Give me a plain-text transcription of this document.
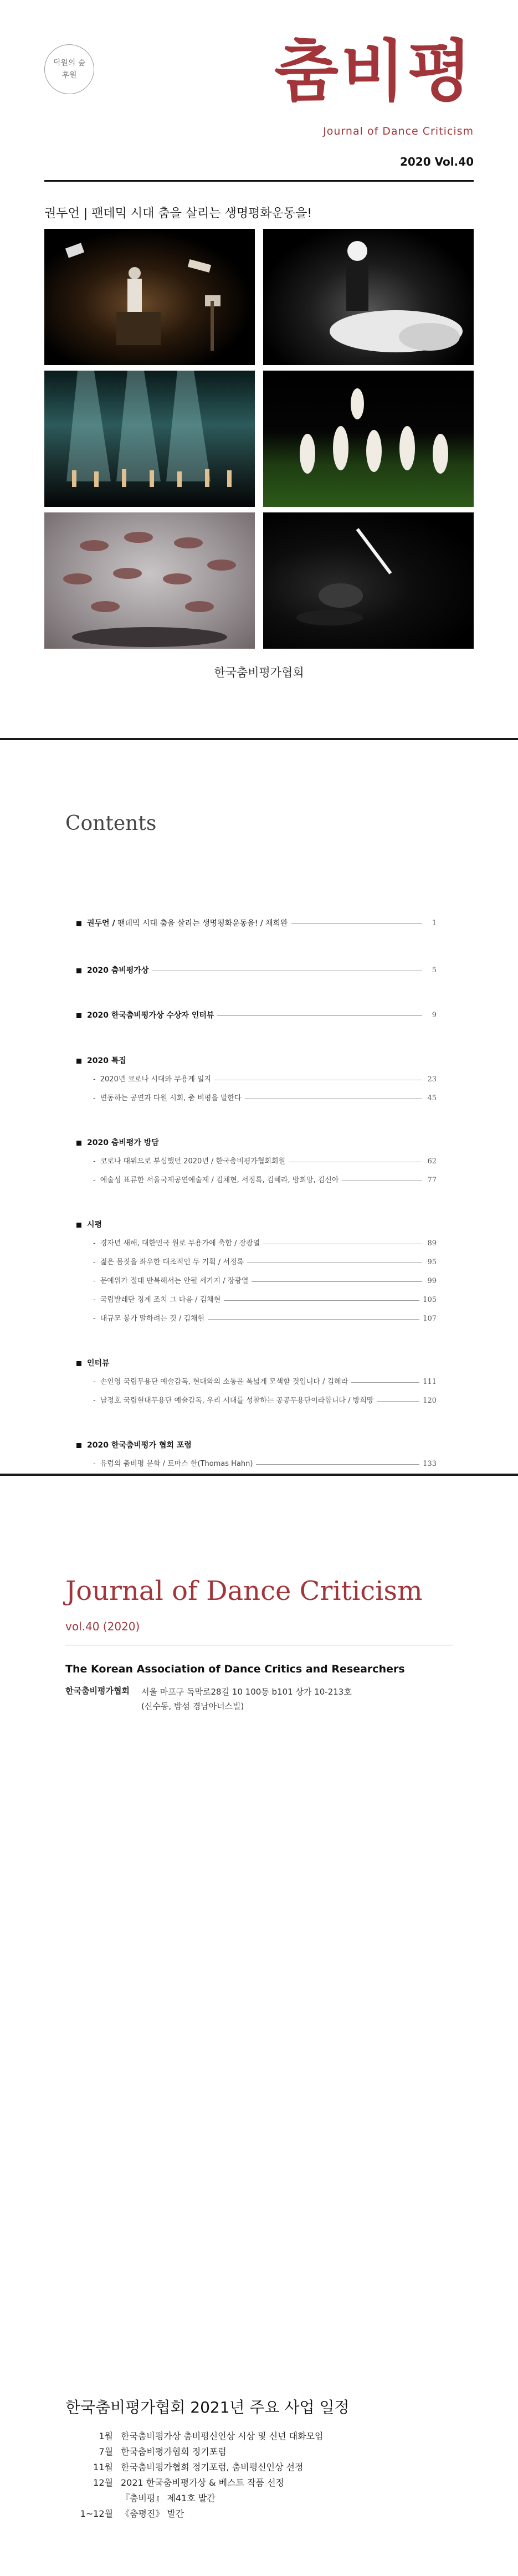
덕원의 숲
후원	춤비평
Journal of Dance Criticism
2020 Vol.40
권두언 | 팬데믹 시대 춤을 살리는 생명평화운동을!
한국춤비평가협회
Contents
권두언 / 팬데믹 시대 춤을 살리는 생명평화운동을! / 채희완	1
2020 춤비평가상	5
2020 한국춤비평가상 수상자 인터뷰	9
2020 특집
- 2020년 코로나 시대와 무용계 일지	23
- 변동하는 공연과 다원 시회, 춤 비평을 말한다	45
2020 춤비평가 방담
- 코로나 대위으로 부심했던 2020년 / 한국춤비평가협회회원	62
- 예술성 표류한 서울국제공연예술제 / 김채현, 서정록, 김혜라, 방희망, 김신아	77
시평
- 경자년 새해, 대한민국 원로 무용가에 축함 / 장광열	89
- 젊은 몸짓을 좌우한 대조적인 두 기획 / 서정록	95
- 문예위가 절대 반복해서는 안될 세가지 / 장광열	99
- 국립발레단 징계 조치 그 다음 / 김채현	105
- 대규모 봉가 말하려는 것 / 김채현	107
인터뷰
- 손인영 국립무용단 예술감독, 현대와의 소통을 폭넓게 모색할 것입니다 / 김혜라	111
- 남정호 국립현대무용단 예술감독, 우리 시대를 성찰하는 공공무용단이라합니다 / 방희망	120
2020 한국춤비평가 협회 포럼
- 유럽의 춤비평 문화 / 토마스 한(Thomas Hahn)	133
Journal of Dance Criticism
vol.40 (2020)
The Korean Association of Dance Critics and Researchers
한국춤비평가협회 서울 마포구 독막로28길 10 100동 b101 상가 10-213호
(신수동, 밤섬 경남아너스빌)
한국춤비평가협회 2021년 주요 사업 일정
1월 한국춤비평가상 춤비평신인상 시상 및 신년 대화모임
7월 한국춤비평가협회 정기포럼
11월 한국춤비평가협회 정기포럼, 춤비평신인상 선정
12월 2021 한국춤비평가상 & 베스트 작품 선정
『춤비평』 제41호 발간
1~12월 《춤평진》 발간
